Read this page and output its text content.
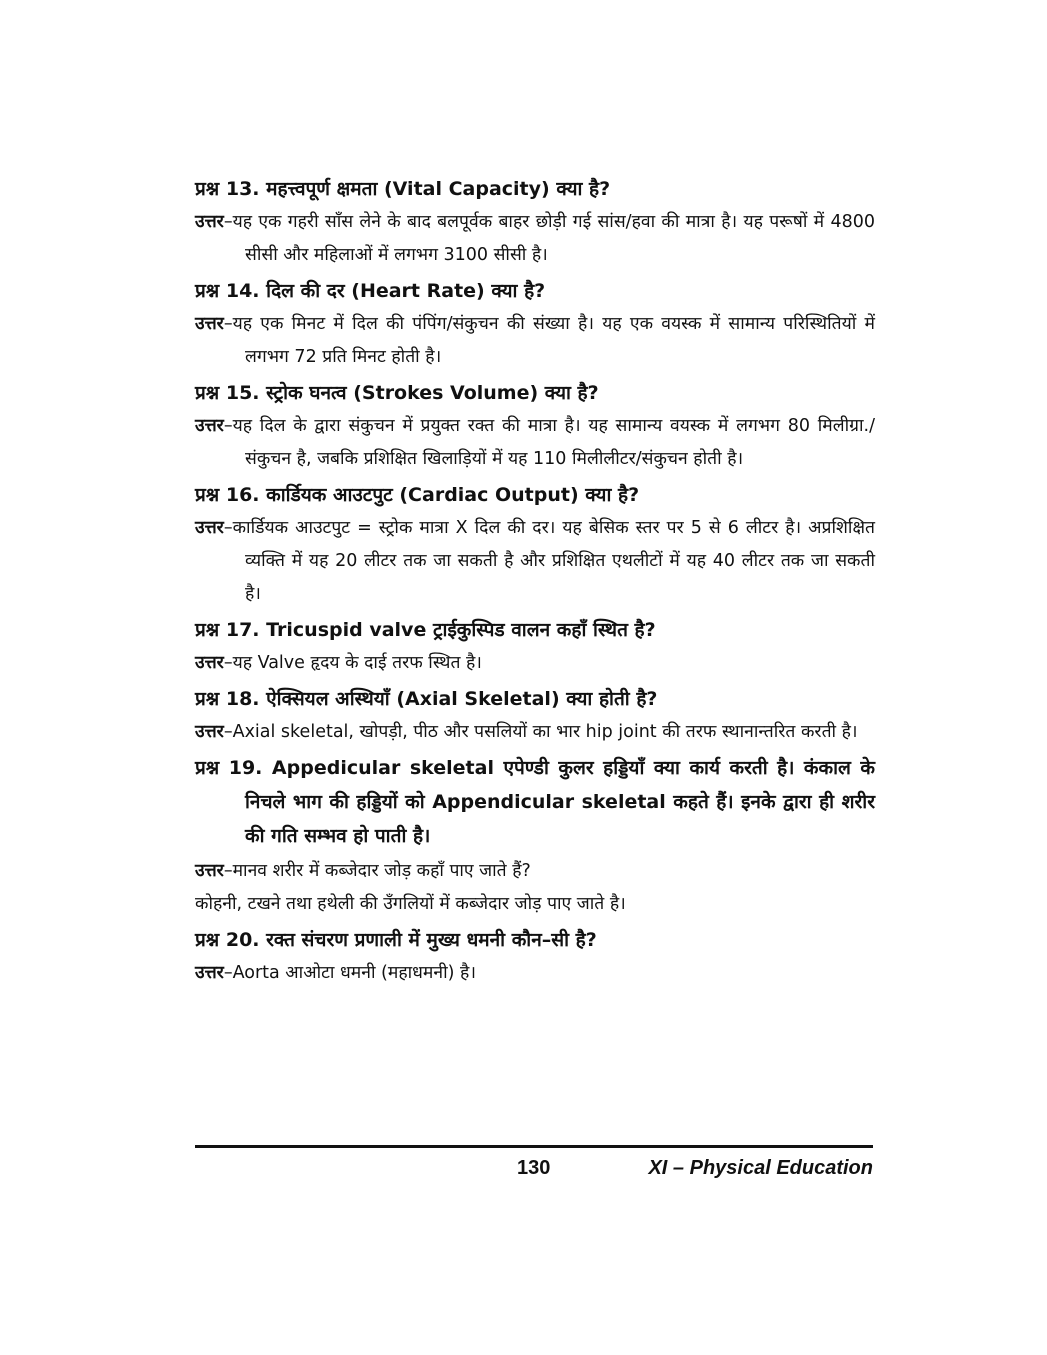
प्रश्न 13. महत्त्वपूर्ण क्षमता (Vital Capacity) क्या है?

उत्तर–यह एक गहरी साँस लेने के बाद बलपूर्वक बाहर छोड़ी गई सांस/हवा की मात्रा है। यह परूषों में 4800 सीसी और महिलाओं में लगभग 3100 सीसी है।

प्रश्न 14. दिल की दर (Heart Rate) क्या है?

उत्तर–यह एक मिनट में दिल की पंपिंग/संकुचन की संख्या है। यह एक वयस्क में सामान्य परिस्थितियों में लगभग 72 प्रति मिनट होती है।

प्रश्न 15. स्ट्रोक घनत्व (Strokes Volume) क्या है?

उत्तर–यह दिल के द्वारा संकुचन में प्रयुक्त रक्त की मात्रा है। यह सामान्य वयस्क में लगभग 80 मिलीग्रा./संकुचन है, जबकि प्रशिक्षित खिलाड़ियों में यह 110 मिलीलीटर/संकुचन होती है।

प्रश्न 16. कार्डियक आउटपुट (Cardiac Output) क्या है?

उत्तर–कार्डियक आउटपुट = स्ट्रोक मात्रा X दिल की दर। यह बेसिक स्तर पर 5 से 6 लीटर है। अप्रशिक्षित व्यक्ति में यह 20 लीटर तक जा सकती है और प्रशिक्षित एथलीटों में यह 40 लीटर तक जा सकती है।

प्रश्न 17. Tricuspid valve ट्राईकुस्पिड वालन कहाँ स्थित है?

उत्तर–यह Valve हृदय के दाई तरफ स्थित है।

प्रश्न 18. ऐक्सियल अस्थियाँ (Axial Skeletal) क्या होती है?

उत्तर–Axial skeletal, खोपड़ी, पीठ और पसलियों का भार hip joint की तरफ स्थानान्तरित करती है।

प्रश्न 19. Appedicular skeletal एपेण्डी कुलर हड्डियाँ क्या कार्य करती है। कंकाल के निचले भाग की हड्डियों को Appendicular skeletal कहते हैं। इनके द्वारा ही शरीर की गति सम्भव हो पाती है।

उत्तर–मानव शरीर में कब्जेदार जोड़ कहाँ पाए जाते हैं?

कोहनी, टखने तथा हथेली की उँगलियों में कब्जेदार जोड़ पाए जाते है।

प्रश्न 20. रक्त संचरण प्रणाली में मुख्य धमनी कौन–सी है?

उत्तर–Aorta आओटा धमनी (महाधमनी) है।

130	XI – Physical Education
